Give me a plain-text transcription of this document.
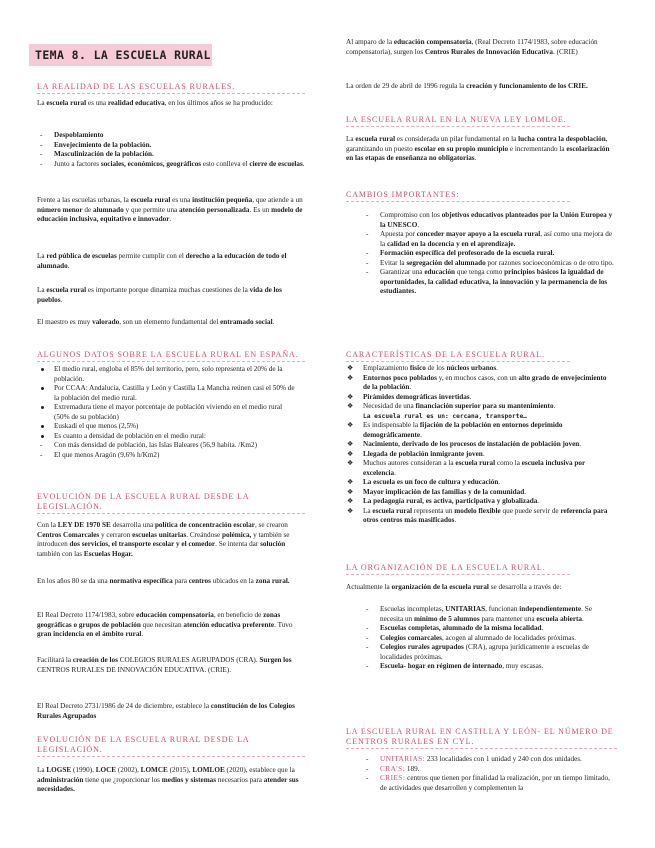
TEMA 8. LA ESCUELA RURAL
LA REALIDAD DE LAS ESCUELAS RURALES.
La escuela rural es una realidad educativa, en los últimos años se ha producido:
- Despoblamiento
- Envejecimiento de la población.
- Masculinización de la población.
- Junto a factores sociales, económicos, geográficos esto conlleva el cierre de escuelas.
Frente a las escuelas urbanas, la escuela rural es una institución pequeña, que atiende a un número menor de alumnado y que permite una atención personalizada. Es un modelo de educación inclusiva, equitativo e innovador.
La red pública de escuelas permite cumplir con el derecho a la educación de todo el alumnado.
La escuela rural es importante porque dinamiza muchas cuestiones de la vida de los pueblos.
El maestro es muy valorado, son un elemento fundamental del entramado social.
ALGUNOS DATOS SOBRE LA ESCUELA RURAL EN ESPAÑA.
El medio rural, engloba el 85% del territorio, pero, solo representa el 20% de la población.
Por CCAA: Andalucía, Castilla y León y Castilla La Mancha reúnen casi el 50% de la población del medio rural.
Extremadura tiene el mayor porcentaje de población viviendo en el medio rural (50% de su población)
Euskadi el que menos (2,5%)
Es cuanto a densidad de población en el medio rural:
- Con más densidad de población, las Islas Baleares (56,9 habita. /Km2)
- El que menos Aragón (9,6% h/Km2)
EVOLUCIÓN DE LA ESCUELA RURAL DESDE LA LEGISLACIÓN.
Con la LEY DE 1970 SE desarrolla una política de concentración escolar, se crearon Centros Comarcales y cerraron escuelas unitarias. Creándose polémica, y también se introducen dos servicios, el transporte escolar y el comedor. Se intenta dar solución también con las Escuelas Hogar.
En los años 80 se da una normativa específica para centros ubicados en la zona rural.
El Real Decreto 1174/1983, sobre educación compensatoria, en beneficio de zonas geográficas o grupos de población que necesitan atención educativa preferente. Tuvo gran incidencia en el ámbito rural.
Facilitará la creación de los COLEGIOS RURALES AGRUPADOS (CRA). Surgen los CENTROS RURALES DE INNOVACIÓN EDUCATIVA. (CRIE).
El Real Decreto 2731/1986 de 24 de diciembre, establece la constitución de los Colegios Rurales Agrupados
EVOLUCIÓN DE LA ESCUELA RURAL DESDE LA LEGISLACIÓN.
La LOGSE (1990), LOCE (2002), LOMCE (2015), LOMLOE (2020), establece que la administración tiene que ¿roporcionar los medios y sistemas necesarios para atender sus necesidades.
Al amparo de la educación compensatoria, (Real Decreto 1174/1983, sobre educación compensatoria), surgen los Centros Rurales de Innovación Educativa. (CRIE)
La orden de 29 de abril de 1996 regula la creación y funcionamiento de los CRIE.
LA ESCUELA RURAL EN LA NUEVA LEY LOMLOE.
La escuela rural es considerada un pilar fundamental en la lucha contra la despoblación, garantizando un puesto escolar en su propio municipio e incrementando la escolarización en las etapas de enseñanza no obligatorias.
CAMBIOS IMPORTANTES:
- Compromiso con los objetivos educativos planteados por la Unión Europea y la UNESCO.
- Apuesta por conceder mayor apoyo a la escuela rural, así como una mejora de la calidad en la docencia y en el aprendizaje.
- Formación específica del profesorado de la escuela rural.
- Evitar la segregación del alumnado por razones socioeconómicas o de otro tipo.
- Garantizar una educación que tenga como principios básicos la igualdad de oportunidades, la calidad educativa, la innovación y la permanencia de los estudiantes.
CARACTERÍSTICAS DE LA ESCUELA RURAL.
❖ Emplazamiento físico de los núcleos urbanos.
❖ Entornos poco poblados y, en muchos casos, con un alto grado de envejecimiento de la población.
❖ Pirámides demográficas invertidas.
❖ Necesidad de una financiación superior para su mantenimiento.
La escuela rural es un: cercana, transporte…
❖ Es indispensable la fijación de la población en entornos deprimido demográficamente.
❖ Nacimiento, derivado de los procesos de instalación de población joven.
❖ Llegada de población inmigrante joven.
❖ Muchos autores consideran a la escuela rural como la escuela inclusiva por excelencia.
❖ La escuela es un foco de cultura y educación.
❖ Mayor implicación de las familias y de la comunidad.
❖ La pedagogía rural, es activa, participativa y globalizada.
❖ La escuela rural representa un modelo flexible que puede servir de referencia para otros centros más masificados.
LA ORGANIZACIÓN DE LA ESCUELA RURAL.
Actualmente la organización de la escuela rural se desarrolla a través de:
- Escuelas incompletas, UNITARIAS, funcionan independientemente. Se necesita un mínimo de 5 alumnos para mantener una escuela abierta.
- Escuelas completas, alumnado de la misma localidad.
- Colegios comarcales, acogen al alumnado de localidades próximas.
- Colegios rurales agrupados (CRA), agrupa jurídicamente a escuelas de localidades próximas.
- Escuela- hogar en régimen de internado, muy escasas.
LA ESCUELA RURAL EN CASTILLA Y LEÓN- EL NÚMERO DE CENTROS RURALES EN CYL.
- UNITARIAS: 233 localidades con 1 unidad y 240 con dos unidades.
- CRA'S: 189.
- CRIES: centros que tienen por finalidad la realización, por un tiempo limitado, de actividades que desarrollen y complementen la
